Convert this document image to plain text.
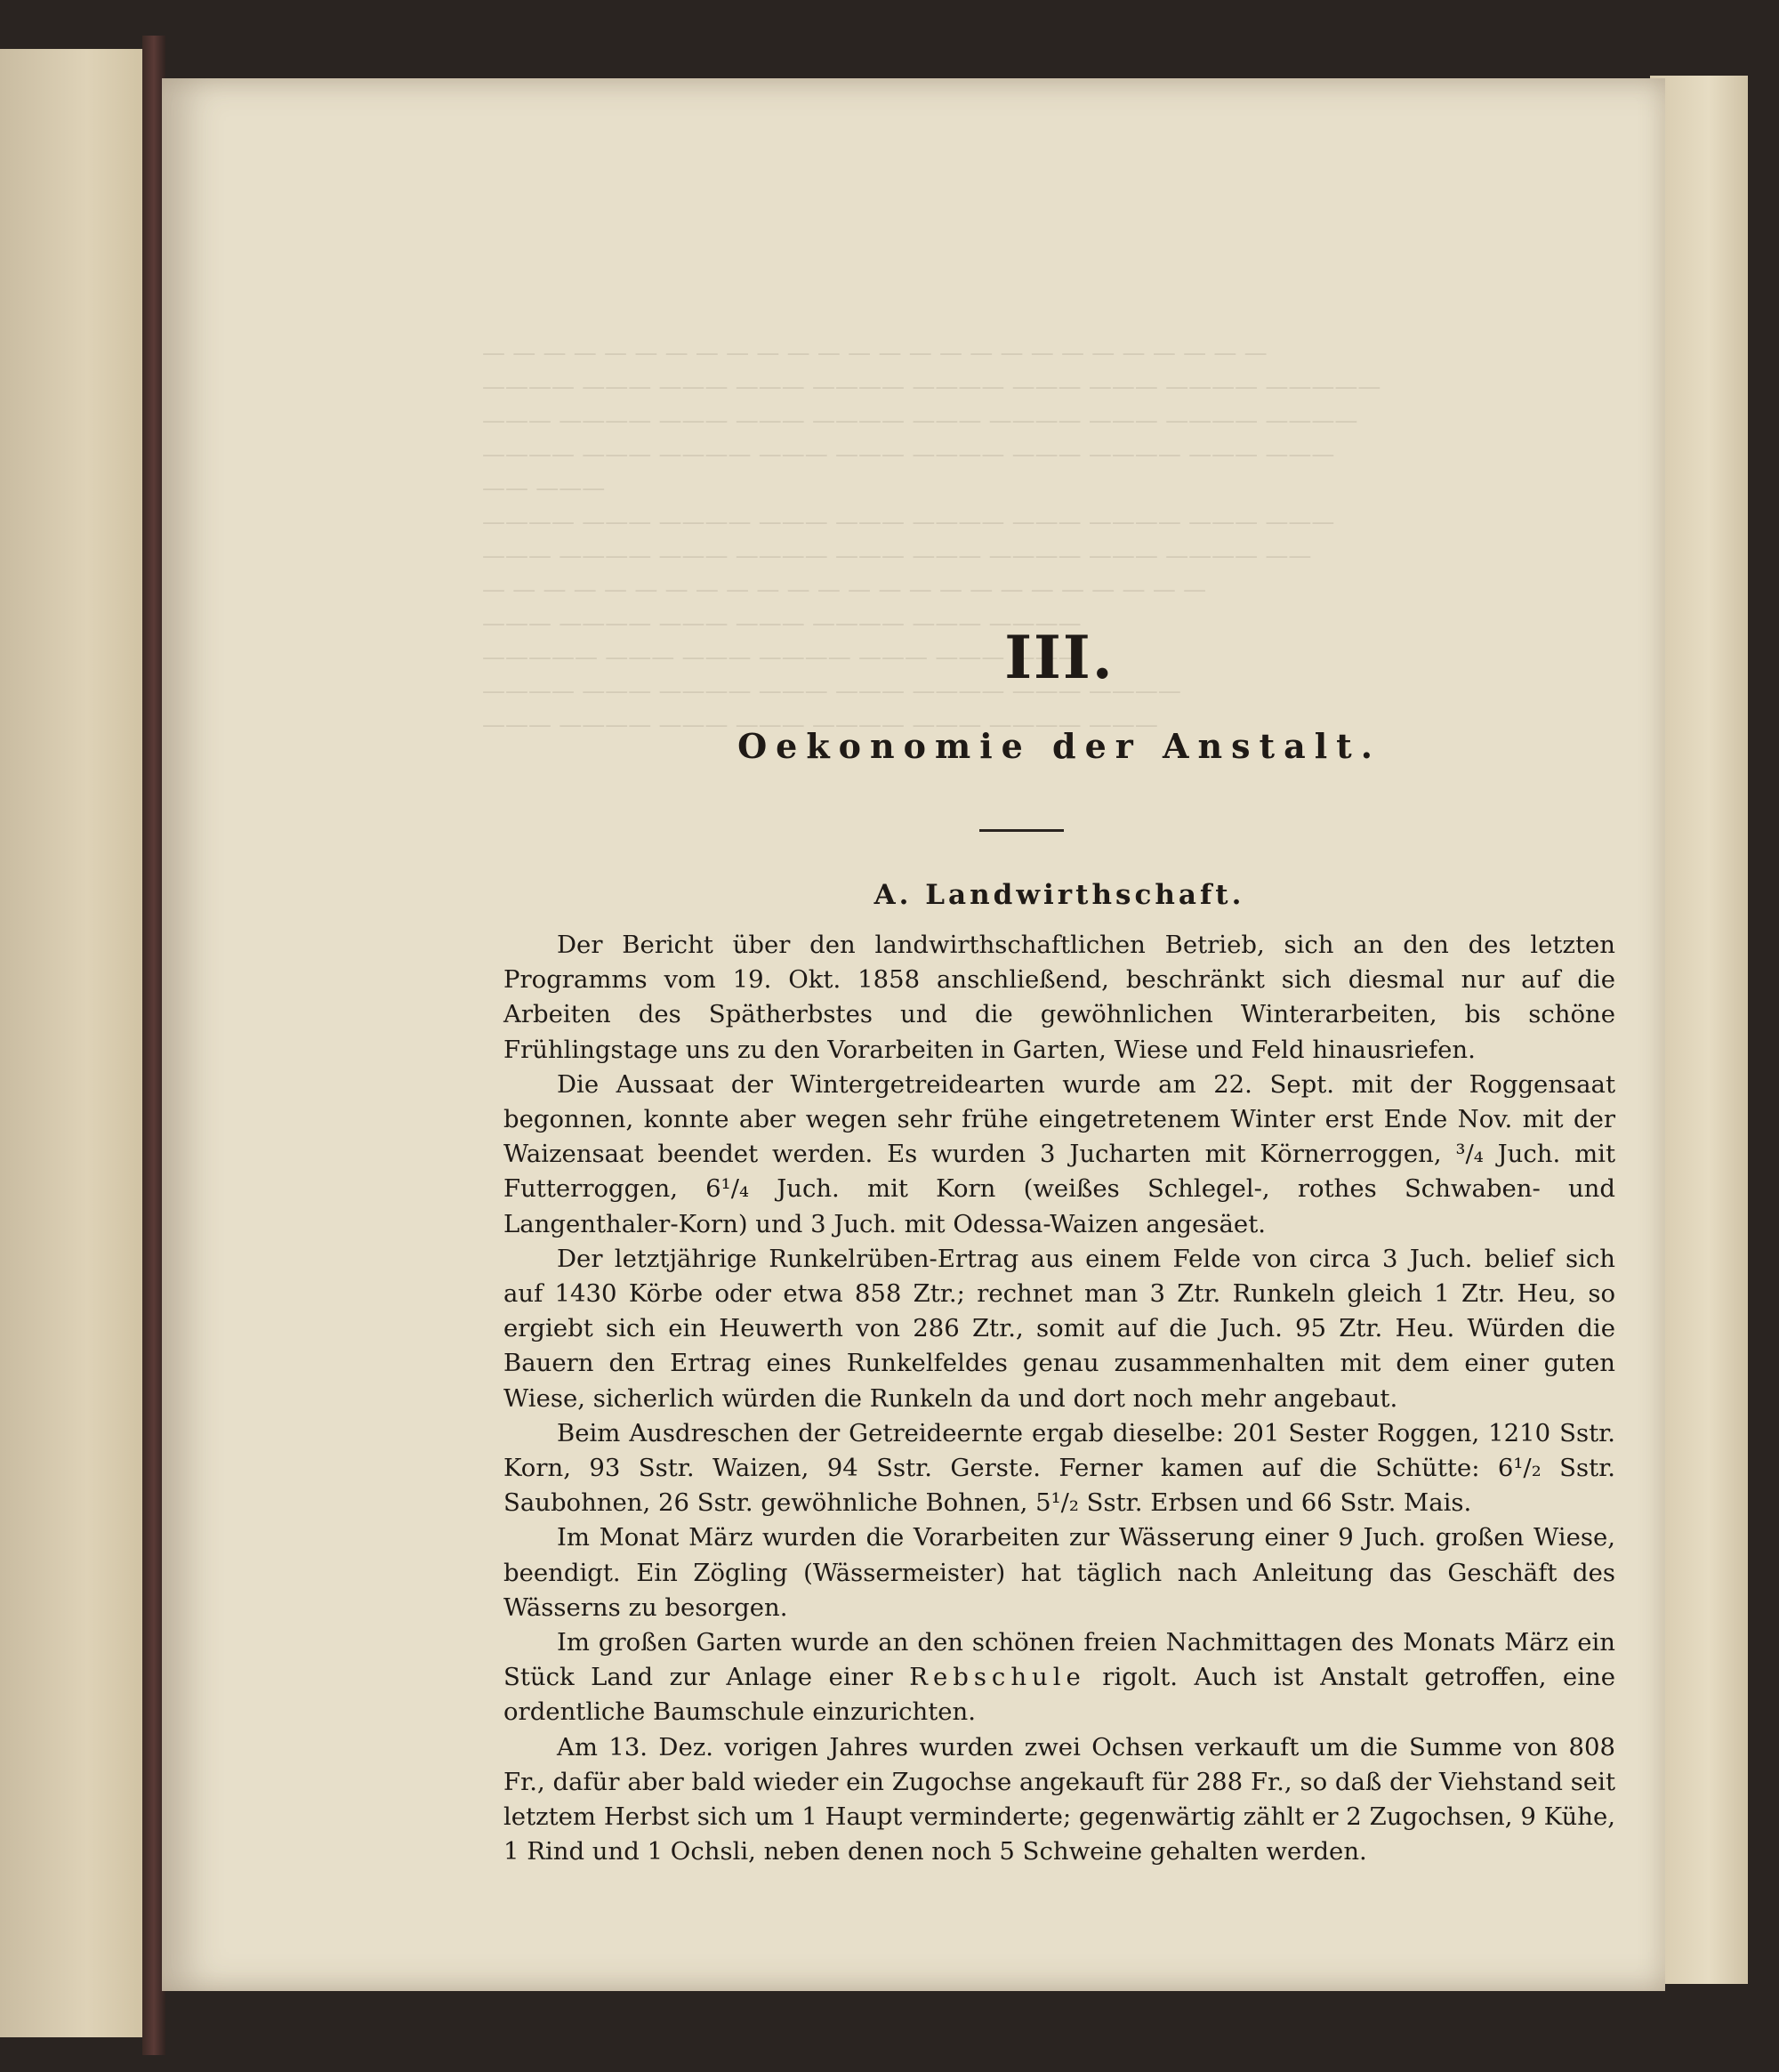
— — — — — — — — — — — — — — — — — — — — — — — — — —
———— ——— ——— ——— ———— ———— ——— ——— ———— —————
——— ———— ——— ——— ———— ——— ———— ——— ———— ————
———— ——— ———— ——— ——— ———— ——— ———— ——— ———
—— ———
———— ——— ———— ——— ——— ———— ——— ———— ——— ———
——— ———— ——— ———— ——— ——— ———— ——— ———— ——
— — — — — — — — — — — — — — — — — — — — — — — —
——— ———— ——— ——— ———— ——— ————
————— ——— ——— ———— ——— ——— ———
———— ——— ———— ——— ——— ———— ——— ————
——— ———— ——— ——— ———— ——— ———— ———
III.
Oekonomie der Anstalt.
A. Landwirthschaft.

Der Bericht über den landwirthschaftlichen Betrieb, sich an den des letzten Programms vom 19. Okt. 1858 anschließend, beschränkt sich diesmal nur auf die Arbeiten des Spätherbstes und die gewöhnlichen Winterarbeiten, bis schöne Frühlingstage uns zu den Vorarbeiten in Garten, Wiese und Feld hinausriefen.

Die Aussaat der Wintergetreidearten wurde am 22. Sept. mit der Roggensaat begonnen, konnte aber wegen sehr frühe eingetretenem Winter erst Ende Nov. mit der Waizensaat beendet werden. Es wurden 3 Jucharten mit Körnerroggen, ³/₄ Juch. mit Futterroggen, 6¹/₄ Juch. mit Korn (weißes Schlegel-, rothes Schwaben- und Langenthaler-Korn) und 3 Juch. mit Odessa-Waizen angesäet.

Der letztjährige Runkelrüben-Ertrag aus einem Felde von circa 3 Juch. belief sich auf 1430 Körbe oder etwa 858 Ztr.; rechnet man 3 Ztr. Runkeln gleich 1 Ztr. Heu, so ergiebt sich ein Heuwerth von 286 Ztr., somit auf die Juch. 95 Ztr. Heu. Würden die Bauern den Ertrag eines Runkelfeldes genau zusammenhalten mit dem einer guten Wiese, sicherlich würden die Runkeln da und dort noch mehr angebaut.

Beim Ausdreschen der Getreideernte ergab dieselbe: 201 Sester Roggen, 1210 Sstr. Korn, 93 Sstr. Waizen, 94 Sstr. Gerste. Ferner kamen auf die Schütte: 6¹/₂ Sstr. Saubohnen, 26 Sstr. gewöhnliche Bohnen, 5¹/₂ Sstr. Erbsen und 66 Sstr. Mais.

Im Monat März wurden die Vorarbeiten zur Wässerung einer 9 Juch. großen Wiese, beendigt. Ein Zögling (Wässermeister) hat täglich nach Anleitung das Geschäft des Wässerns zu besorgen.

Im großen Garten wurde an den schönen freien Nachmittagen des Monats März ein Stück Land zur Anlage einer Rebschule rigolt. Auch ist Anstalt getroffen, eine ordentliche Baumschule einzurichten.

Am 13. Dez. vorigen Jahres wurden zwei Ochsen verkauft um die Summe von 808 Fr., dafür aber bald wieder ein Zugochse angekauft für 288 Fr., so daß der Viehstand seit letztem Herbst sich um 1 Haupt verminderte; gegenwärtig zählt er 2 Zugochsen, 9 Kühe, 1 Rind und 1 Ochsli, neben denen noch 5 Schweine gehalten werden.
